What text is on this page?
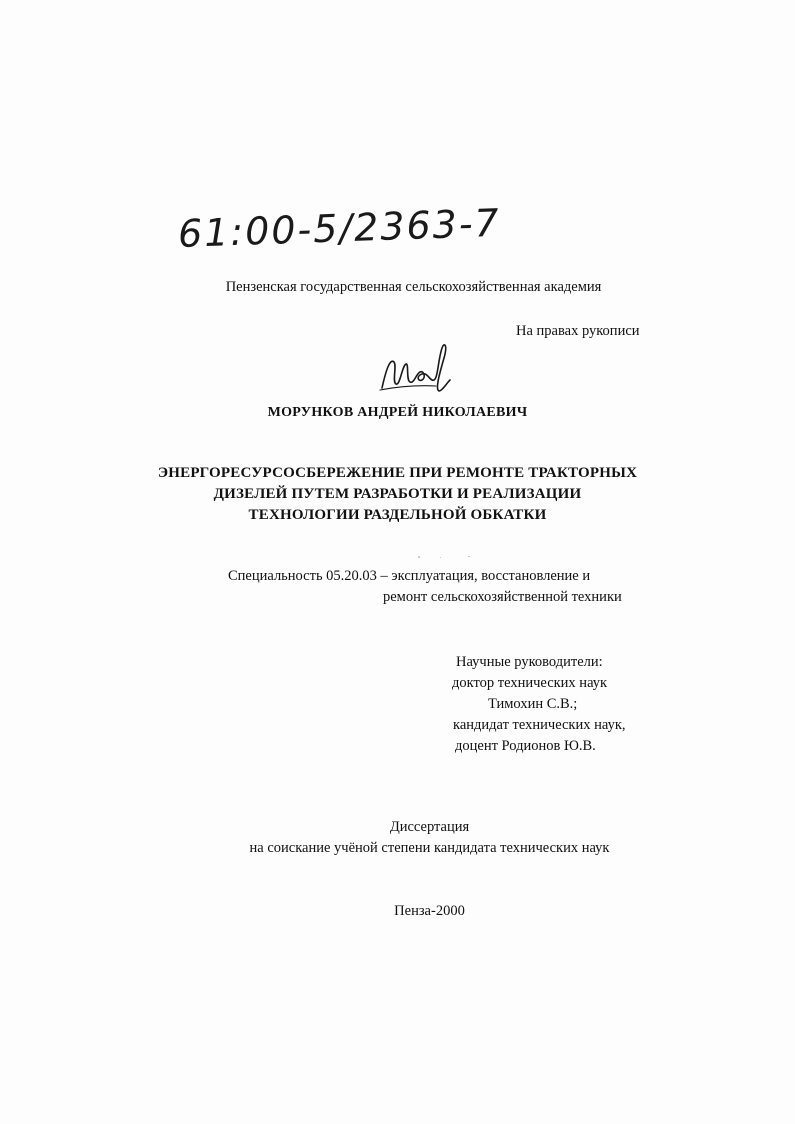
61:00-5/2363-7
Пензенская государственная сельскохозяйственная академия
На правах рукописи
МОРУНКОВ АНДРЕЙ НИКОЛАЕВИЧ
ЭНЕРГОРЕСУРСОСБЕРЕЖЕНИЕ ПРИ РЕМОНТЕ ТРАКТОРНЫХ
ДИЗЕЛЕЙ ПУТЕМ РАЗРАБОТКИ И РЕАЛИЗАЦИИ
ТЕХНОЛОГИИ РАЗДЕЛЬНОЙ ОБКАТКИ
Специальность 05.20.03 – эксплуатация, восстановление и
ремонт сельскохозяйственной техники
Научные руководители:
доктор технических наук
Тимохин С.В.;
кандидат технических наук,
доцент Родионов Ю.В.
Диссертация
на соискание учёной степени кандидата технических наук
Пенза-2000
